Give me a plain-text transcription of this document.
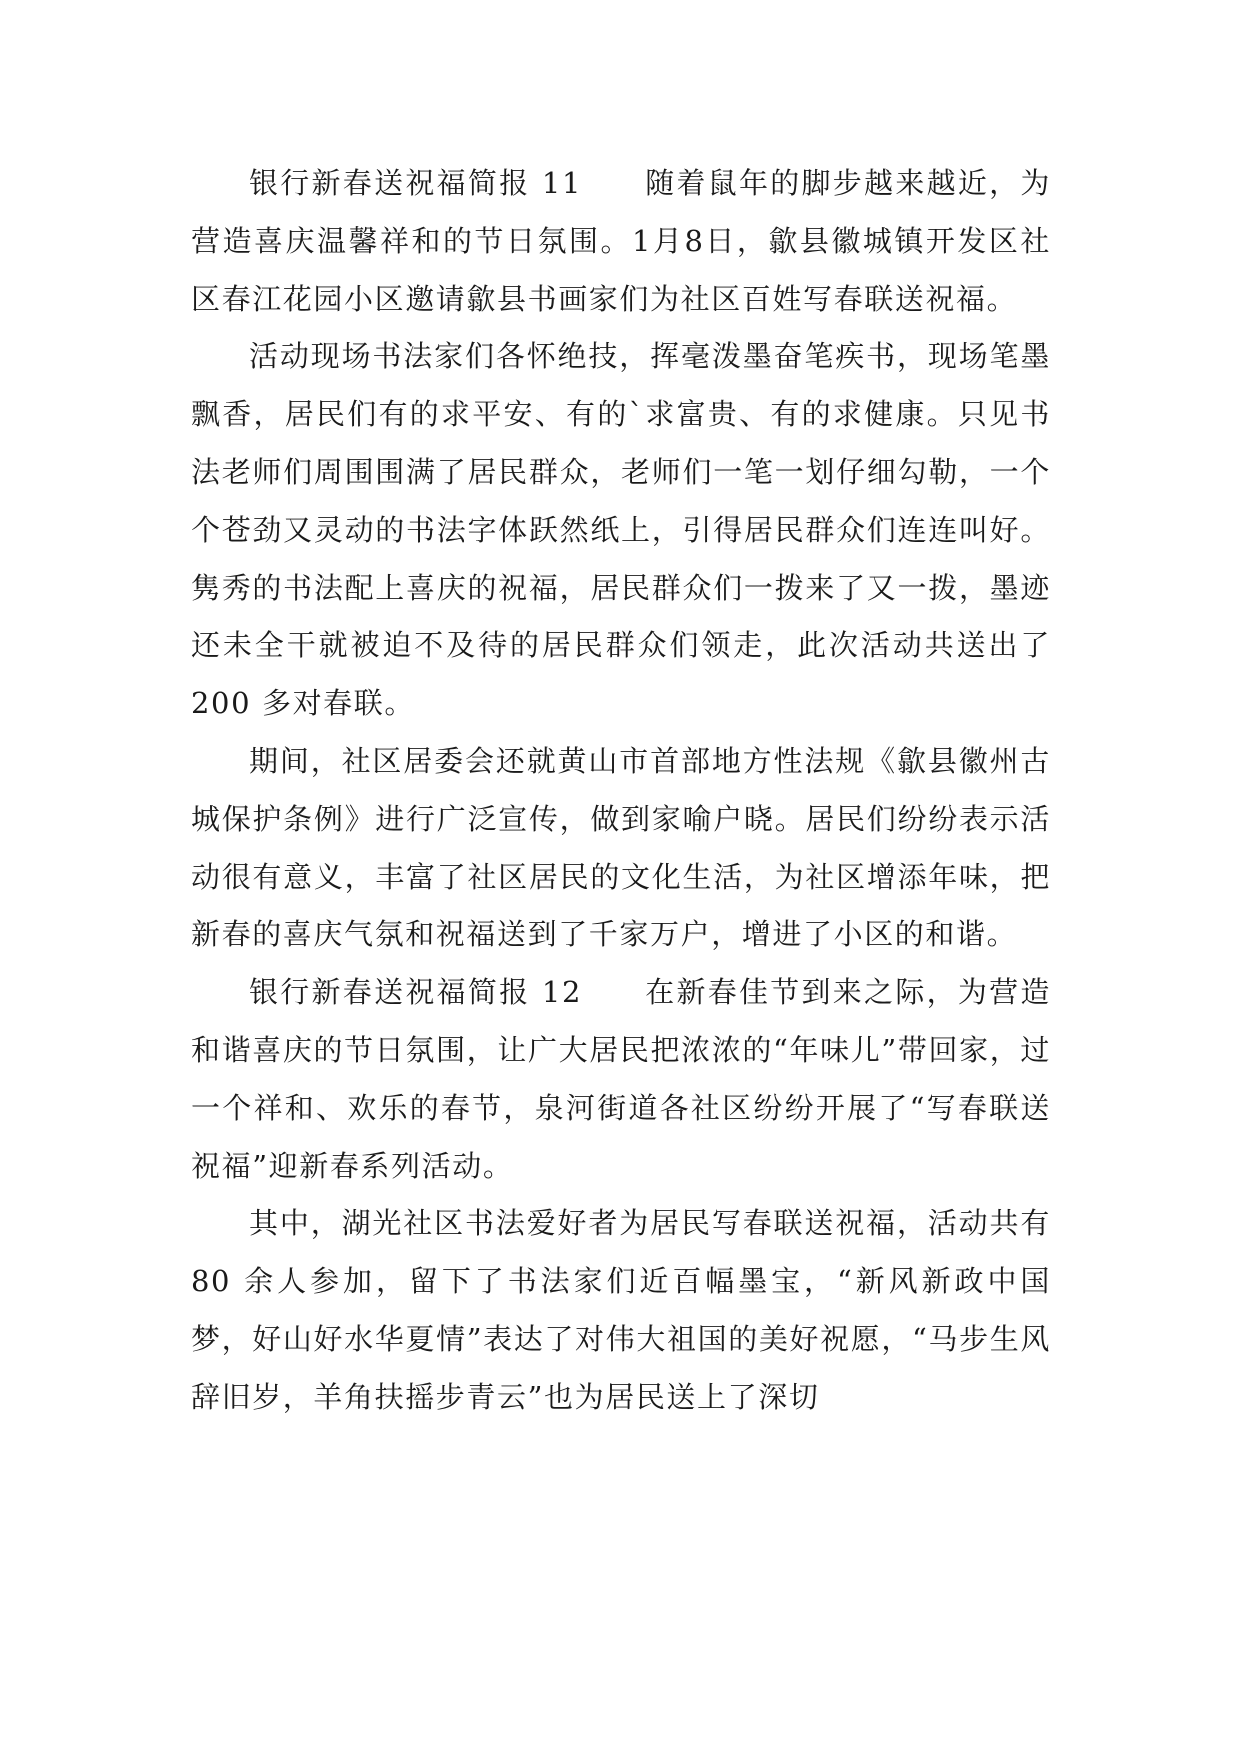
银行新春送祝福简报 11　　随着鼠年的脚步越来越近，为营造喜庆温馨祥和的节日氛围。1月8日，歙县徽城镇开发区社区春江花园小区邀请歙县书画家们为社区百姓写春联送祝福。

活动现场书法家们各怀绝技，挥毫泼墨奋笔疾书，现场笔墨飘香，居民们有的求平安、有的`求富贵、有的求健康。只见书法老师们周围围满了居民群众，老师们一笔一划仔细勾勒，一个个苍劲又灵动的书法字体跃然纸上，引得居民群众们连连叫好。隽秀的书法配上喜庆的祝福，居民群众们一拨来了又一拨，墨迹还未全干就被迫不及待的居民群众们领走，此次活动共送出了 200 多对春联。

期间，社区居委会还就黄山市首部地方性法规《歙县徽州古城保护条例》进行广泛宣传，做到家喻户晓。居民们纷纷表示活动很有意义，丰富了社区居民的文化生活，为社区增添年味，把新春的喜庆气氛和祝福送到了千家万户，增进了小区的和谐。

银行新春送祝福简报 12　　在新春佳节到来之际，为营造和谐喜庆的节日氛围，让广大居民把浓浓的“年味儿”带回家，过一个祥和、欢乐的春节，泉河街道各社区纷纷开展了“写春联送祝福”迎新春系列活动。

其中，湖光社区书法爱好者为居民写春联送祝福，活动共有 80 余人参加，留下了书法家们近百幅墨宝，“新风新政中国梦，好山好水华夏情”表达了对伟大祖国的美好祝愿，“马步生风辞旧岁，羊角扶摇步青云”也为居民送上了深切
